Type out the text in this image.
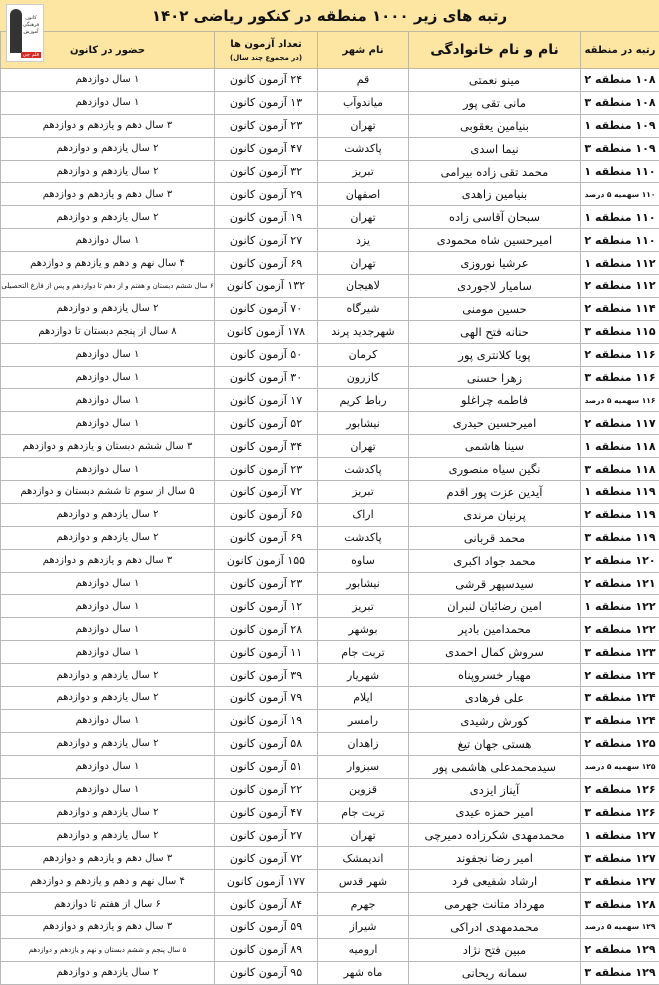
رتبه های زیر ۱۰۰۰ منطقه در کنکور ریاضی ۱۴۰۲
کانون فرهنگی آموزش
قلم چی	رتبه در منطقه	نام و نام خانوادگی	نام شهر	تعداد آزمون ها
(در مجموع چند سال)	حضور در کانون
۱۰۸ منطقه ۲	مینو نعمتی	قم	۲۴ آزمون کانون	۱ سال دوازدهم
۱۰۸ منطقه ۳	مانی تقی پور	میاندوآب	۱۳ آزمون کانون	۱ سال دوازدهم
۱۰۹ منطقه ۱	بنیامین یعقوبی	تهران	۲۳ آزمون کانون	۳ سال دهم و یازدهم و دوازدهم
۱۰۹ منطقه ۳	نیما اسدی	پاکدشت	۴۷ آزمون کانون	۲ سال یازدهم و دوازدهم
۱۱۰ منطقه ۱	محمد تقی زاده بیرامی	تبریز	۳۲ آزمون کانون	۲ سال یازدهم و دوازدهم
۱۱۰ سهمیه ۵ درصد	بنیامین زاهدی	اصفهان	۲۹ آزمون کانون	۳ سال دهم و یازدهم و دوازدهم
۱۱۰ منطقه ۱	سبحان آقاسی زاده	تهران	۱۹ آزمون کانون	۲ سال یازدهم و دوازدهم
۱۱۰ منطقه ۲	امیرحسین شاه محمودی	یزد	۲۷ آزمون کانون	۱ سال دوازدهم
۱۱۲ منطقه ۱	عرشیا نوروزی	تهران	۶۹ آزمون کانون	۴ سال نهم و دهم و یازدهم و دوازدهم
۱۱۲ منطقه ۲	سامیار لاجوردی	لاهیجان	۱۳۲ آزمون کانون	۶ سال ششم دبستان و هفتم و از دهم تا دوازدهم و پس از فارغ التحصیلی
۱۱۴ منطقه ۲	حسین مومنی	شیرگاه	۷۰ آزمون کانون	۲ سال یازدهم و دوازدهم
۱۱۵ منطقه ۳	حنانه فتح الهی	شهرجدید پرند	۱۷۸ آزمون کانون	۸ سال از پنجم دبستان تا دوازدهم
۱۱۶ منطقه ۲	پویا کلانتری پور	کرمان	۵۰ آزمون کانون	۱ سال دوازدهم
۱۱۶ منطقه ۳	زهرا حسنی	کازرون	۳۰ آزمون کانون	۱ سال دوازدهم
۱۱۶ سهمیه ۵ درصد	فاطمه چراغلو	رباط کریم	۱۷ آزمون کانون	۱ سال دوازدهم
۱۱۷ منطقه ۲	امیرحسین حیدری	نیشابور	۵۲ آزمون کانون	۱ سال دوازدهم
۱۱۸ منطقه ۱	سینا هاشمی	تهران	۳۴ آزمون کانون	۳ سال ششم دبستان و یازدهم و دوازدهم
۱۱۸ منطقه ۳	نگین سیاه منصوری	پاکدشت	۲۳ آزمون کانون	۱ سال دوازدهم
۱۱۹ منطقه ۱	آیدین عزت پور اقدم	تبریز	۷۲ آزمون کانون	۵ سال از سوم تا ششم دبستان و دوازدهم
۱۱۹ منطقه ۲	پرنیان مرندی	اراک	۶۵ آزمون کانون	۲ سال یازدهم و دوازدهم
۱۱۹ منطقه ۳	محمد قربانی	پاکدشت	۶۹ آزمون کانون	۲ سال یازدهم و دوازدهم
۱۲۰ منطقه ۲	محمد جواد اکبری	ساوه	۱۵۵ آزمون کانون	۳ سال دهم و یازدهم و دوازدهم
۱۲۱ منطقه ۲	سیدسپهر قرشی	نیشابور	۲۳ آزمون کانون	۱ سال دوازدهم
۱۲۲ منطقه ۱	امین رضائیان لنبران	تبریز	۱۲ آزمون کانون	۱ سال دوازدهم
۱۲۲ منطقه ۲	محمدامین بادپر	بوشهر	۲۸ آزمون کانون	۱ سال دوازدهم
۱۲۳ منطقه ۳	سروش کمال احمدی	تربت جام	۱۱ آزمون کانون	۱ سال دوازدهم
۱۲۴ منطقه ۲	مهیار خسروپناه	شهریار	۳۹ آزمون کانون	۲ سال یازدهم و دوازدهم
۱۲۴ منطقه ۳	علی فرهادی	ایلام	۷۹ آزمون کانون	۲ سال یازدهم و دوازدهم
۱۲۴ منطقه ۳	کورش رشیدی	رامسر	۱۹ آزمون کانون	۱ سال دوازدهم
۱۲۵ منطقه ۲	هستی جهان تیغ	زاهدان	۵۸ آزمون کانون	۲ سال یازدهم و دوازدهم
۱۲۵ سهمیه ۵ درصد	سیدمحمدعلی هاشمی پور	سبزوار	۵۱ آزمون کانون	۱ سال دوازدهم
۱۲۶ منطقه ۲	آیناز ایزدی	قزوین	۲۲ آزمون کانون	۱ سال دوازدهم
۱۲۶ منطقه ۳	امیر حمزه عیدی	تربت جام	۴۷ آزمون کانون	۲ سال یازدهم و دوازدهم
۱۲۷ منطقه ۱	محمدمهدی شکرزاده دمیرچی	تهران	۲۷ آزمون کانون	۲ سال یازدهم و دوازدهم
۱۲۷ منطقه ۳	امیر رضا نجفوند	اندیمشک	۷۲ آزمون کانون	۳ سال دهم و یازدهم و دوازدهم
۱۲۷ منطقه ۳	ارشاد شفیعی فرد	شهر قدس	۱۷۷ آزمون کانون	۴ سال نهم و دهم و یازدهم و دوازدهم
۱۲۸ منطقه ۳	مهرداد متانت جهرمی	جهرم	۸۴ آزمون کانون	۶ سال از هفتم تا دوازدهم
۱۲۹ سهمیه ۵ درصد	محمدمهدی ادراکی	شیراز	۵۹ آزمون کانون	۳ سال دهم و یازدهم و دوازدهم
۱۲۹ منطقه ۲	مبین فتح نژاد	ارومیه	۸۹ آزمون کانون	۵ سال پنجم و ششم دبستان و نهم و یازدهم و دوازدهم
۱۲۹ منطقه ۳	سمانه ریحانی	ماه شهر	۹۵ آزمون کانون	۲ سال یازدهم و دوازدهم
